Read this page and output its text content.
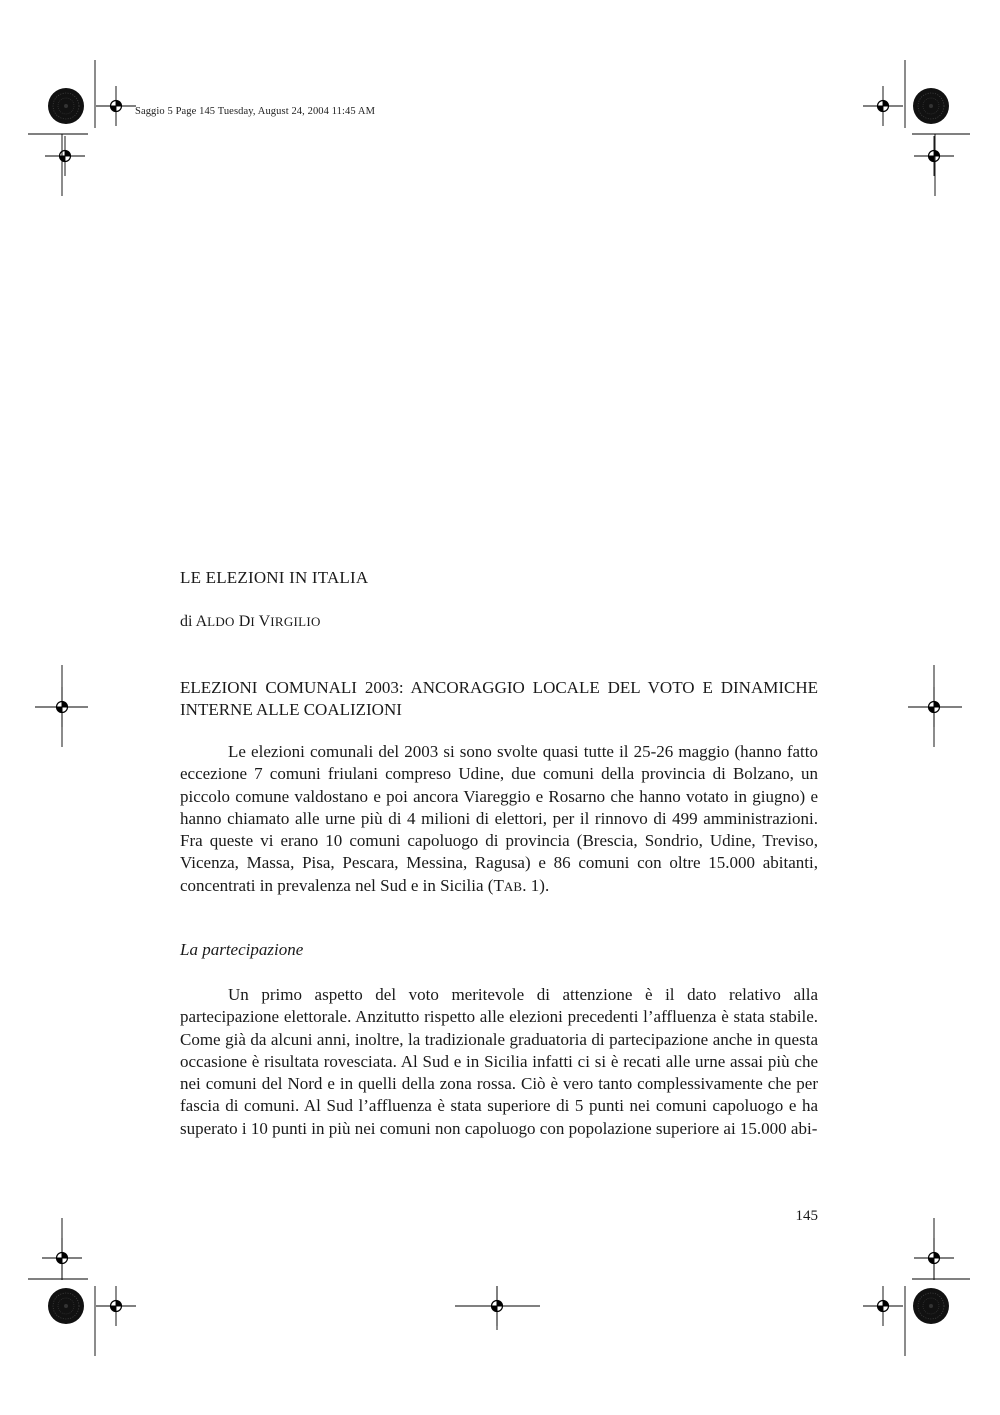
Saggio 5 Page 145 Tuesday, August 24, 2004 11:45 AM
LE ELEZIONI IN ITALIA
di ALDO DI VIRGILIO
ELEZIONI COMUNALI 2003: ANCORAGGIO LOCALE DEL VOTO E DINAMICHE INTERNE ALLE COALIZIONI
Le elezioni comunali del 2003 si sono svolte quasi tutte il 25-26 maggio (hanno fatto eccezione 7 comuni friulani compreso Udine, due comuni della provincia di Bolzano, un piccolo comune valdostano e poi ancora Viareggio e Rosarno che hanno votato in giugno) e hanno chiamato alle urne più di 4 milioni di elettori, per il rinnovo di 499 amministrazioni. Fra queste vi erano 10 comuni capoluogo di provincia (Brescia, Sondrio, Udine, Treviso, Vicenza, Massa, Pisa, Pescara, Messina, Ragusa) e 86 comuni con oltre 15.000 abitanti, concentrati in prevalenza nel Sud e in Sicilia (TAB. 1).
La partecipazione
Un primo aspetto del voto meritevole di attenzione è il dato relativo alla partecipazione elettorale. Anzitutto rispetto alle elezioni precedenti l’affluenza è stata stabile. Come già da alcuni anni, inoltre, la tradizionale graduatoria di partecipazione anche in questa occasione è risultata rovesciata. Al Sud e in Sicilia infatti ci si è recati alle urne assai più che nei comuni del Nord e in quelli della zona rossa. Ciò è vero tanto complessivamente che per fascia di comuni. Al Sud l’affluenza è stata superiore di 5 punti nei comuni capoluogo e ha superato i 10 punti in più nei comuni non capoluogo con popolazione superiore ai 15.000 abi-
145
